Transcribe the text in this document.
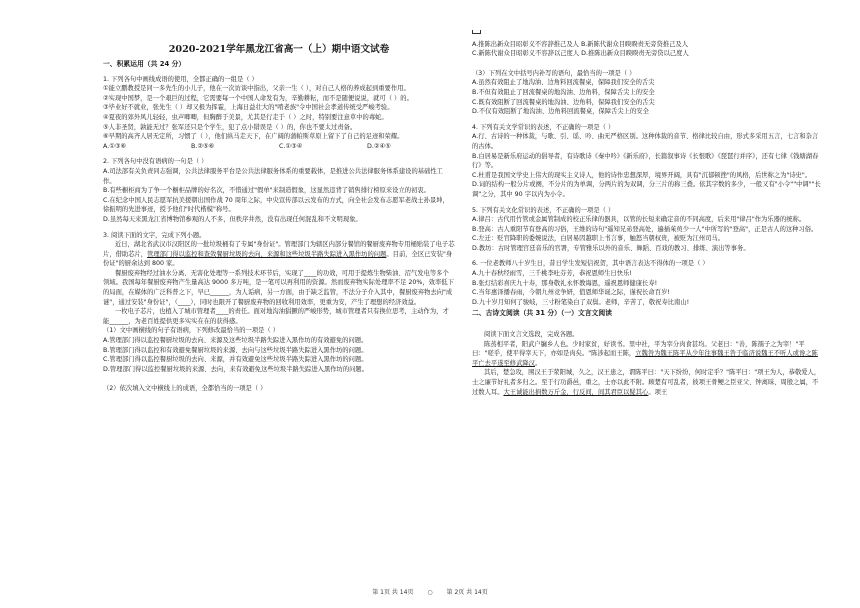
2020-2021学年黑龙江省高一（上）期中语文试卷
一、积累运用（共 24 分）
1. 下列各句中画线成语的使用，全都正确的一组是（ ）
①能立鹏教授是同一多先生的小儿子，他在一次访谈中指出，父亲一生（ ），对自己人格的养成起到重要作用。
②实现中国梦，是一个艰巨的过程，它需要每一个中国人命发有为，辛勤耕耘，而不是随便说说，就可（ ）的。
③毕业好不就业，张先生（ ）却又极为挥霍，上海日益壮大的"啃老族"令中国社会孝道传统受严峻考验。
④夏夜的郊外风儿轻轻，虫声唧唧，但胸醉于美景，尤其是行走于（ ）之时，特别要注意草中的毒蛇。
⑤人非圣贤，孰能无过？张军还只是个学生，犯了点小错误是（ ）的，你也不要太过责备。
⑥早期的高齐人居无定所，习惯了（ ），他们纵马走天下，在广阔的蒲帕斯草原上留下了自己的足迹和荣耀。
A.①③⑥	B.②⑤⑥	C.①③④	D.②④⑤
2. 下列各句中没有语病的一句是（ ）
A.司法部有关负责同志强调，公共法律服务平台是公共法律服务体系的重要载体，是推进公共法律服务体系建设的基础性工作。
B.有些橱柜商为了争一个橱柜品牌的好名次，不惜通过"假单"来制造假象，这显然违背了销售排行榜原来设立的初衷。
C.在纪念中国人民志愿军抗美援朝出国作战 70 周年之际，中央宣传部以云发布的方式，向全社会发布志愿军老战士孙景坤，徐振明的先进事迹，授予他们"时代楷模"称号。
D.虽然每天来黑龙江省博物馆参观的人不多，但秩序井然，没有出现任何混乱和不文明现象。
3. 阅读下面的文字，完成下列小题。
近日，湖北省武汉市汉阳区的一批垃圾桶有了专属"身份证"。管理部门为辖区内部分餐馆的餐厨废弃物专用桶贴装了电子芯片，借助芯片，管理部门得以监控和查敛餐厨垃圾的去向、来源和这些垃圾半路失踪进入黑作坊的问题。目前，全区已安装"身份证"的厨余达到 800 家。
餐厨废弃物经过油水分离、无害化处理等一系列技术环节后，实现了____的功效，可用于提炼生物柴油、沼气发电等多个领域。我国每年餐厨废弃物产生量高达 9000 多万吨，是一笔可以再利用的资源。然而废弃物实际处理率不足 20%，效率低下的局面，在媒体的广泛科普之下，早已______，为人诟病，另一方面，由于缺乏监管，不法分子介入其中，餐厨废弃物去向"成谜"，通过安装"身份证"，（____），同时也限开了餐厨废弃物的回收利用效率，更重为安，产生了理想的经济效益。
一枚电子芯片，也植入了城市管理者____的责任。面对地沟油猖獗的严峻形势，城市管理者只有换位思考，主动作为，才能______，为老百姓提供更多实实在在的获得感。
（1）文中画横线的句子有语病，下列修改最恰当的一项是（ ）
A.管理部门得以监控餐厨垃圾的去向、来源及这些垃圾半路失踪进入黑作坊的有效避免的问题。
B.管理部门得以监控和有效避免餐厨垃圾的来源、去向与这些垃圾半路失踪进入黑作坊的问题。
C.管理部门得以监控餐厨垃圾的去向、来源，并有效避免这些垃圾半路失踪进入黑作坊的问题。
D.管理部门得以监控餐厨垃圾的来源、去向，来有效避免这些垃圾半路失踪进入黑作坊的问题。
（2）依次填入文中横线上的成语，全都恰当的一项是（ ）
A.推陈出新众目昭彰义不容辞推己及人 B.新陈代谢众目睽睽责无旁贷推己及人
C.新陈代谢众目昭彰义不容辞以己度人 D.推陈出新众目睽睽责无旁贷以己度人
（3）下列在文中括号内补写的语句，最恰当的一项是（ ）
A.虽然有效阻止了地沟油、边角料回流餐桌，保障我们安全的舌尖
B.不但有效阻止了回流餐桌的地沟油、边角料，保障舌尖上的安全
C.既有效阻断了回流餐桌的地沟油、边角料，保障我们安全的舌尖
D.不仅有效阻断了地沟油、边角料回流餐桌，保障舌尖上的安全
4. 下列有关文学常识的表述，不正确的一项是（ ）
A.行、古诗的一种体裁，与歌、引、谣、吟、曲无严格区别。这种体裁的音节、格律比较自由，形式多采用五言，七言和杂言的古体。
B.白居易是新乐府运动的倡导者，有诗歌诗《秦中吟》《新乐府》，长篇叙事诗《长恨歌》《琵琶行并序》，还有七律《钱塘湖春行》等。
C.杜甫是我国文学史上伟大的现实主义诗人，他的诗作忠想深厚，境界开阔，具有"沉郁顿挫"的风格，后世称之为"诗史"。
D.词的结构一般分片或阕，不分片的为单调，分两片的为双调，分三片的称三叠。依其字数的多少，一般又有"小令""中调""长调"之分，其中 90 字以内为小令。
5. 下列有关文化常识的表述，不正确的一项是（ ）
A.律吕：古代用竹管或金属管制成的校正乐律的器具，以管的长短来确定音的不同高度，后来用"律吕"作为乐器的统称。
B.登高：古人重阳节有登高的习俗，王维的诗句"遥知兄弟登高处，遍插茱萸少一人"中所写的"登高"，正是古人的这种习俗。
C.左迁：贬官降职的委婉说法，白居易因越职上书言事，触怒当朝权贵，被贬为江州司马。
D.教坊：古时管理宫廷音乐的官署，专管雅乐以外的音乐、舞蹈、百戏的教习、排练、演出等事务。
6. 一位老教师八十岁生日，昔日学生发短信祝贺，其中语言表达不得体的一项是（ ）
A.九十春秋经雨雪，三千桃李吐芬芳，恭祝恩师生日快乐!
B.张灯结彩喜庆九十寿，那身敬礼永怀教诲恩，遥祝恩师健康长寿!
C.当年惠泽播春雨，今朝九州竞争妍，值恩师华诞之际，谨祝长命百岁!
D.九十岁月知何了骏岐，三寸粉笔染白了双鬓。老师，辛苦了，敬祝寿比南山!
二、古诗文阅读（共 31 分）（一）文言文阅读
阅读下面文言文选段，完成各题。
陈蒸相平者，阳武户牖乡人也。少时家贫，好读书。里中社，平为宰分肉食甚均。父老曰："善，陈孺子之为宰！"平曰："嗟乎，使平得宰天下，亦如是肉矣。"陈涉起而王陈，立魏咎为魏王陈平从少年往事魏王咎于临济说魏王不听人或谗之陈平亡去平遂至修武降汉。
其后，楚急攻，围汉王于荥阳城，久之，汉王患之，谓陈平曰："天下纷纷，何时定乎？"陈平曰："项王为人，恭敬爱人，士之廉节好礼者多归之。至于行功爵邑，重之，士亦以此不附。顾楚有可乱者，彼项王骨鲠之臣亚父、钟离昧、周殷之属，不过数人耳。大王诚能出捐数万斤金，行反间，间其君臣以疑其心。项王
第 1页 共 14页 ○ 第 2页 共 14页
